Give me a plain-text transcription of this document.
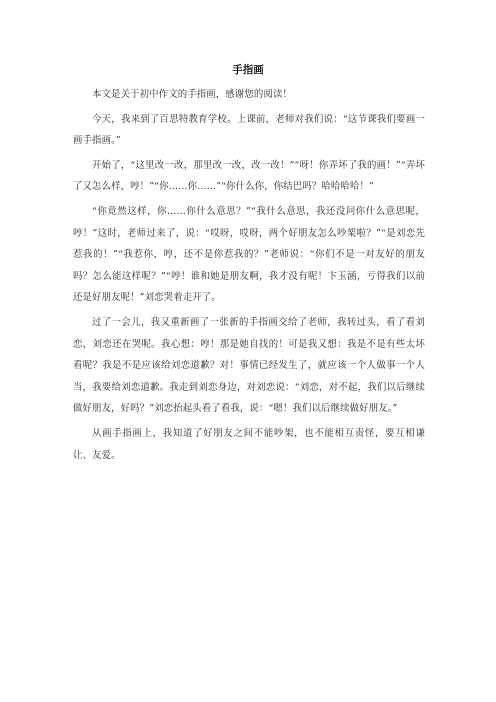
手指画

本文是关于初中作文的手指画，感谢您的阅读！

今天，我来到了百思特教育学校。上课前，老师对我们说：“这节课我们要画一画手指画。”

开始了，“这里改一改，那里改一改，改一改！”“呀！你弄坏了我的画！”“弄坏了又怎么样，哼！”“你……你……”“你什么你，你结巴吗？哈哈哈哈！”

“你竟然这样，你……你什么意思？”“我什么意思，我还没问你什么意思呢，哼！”这时，老师过来了，说：“哎呀，哎呀，两个好朋友怎么吵架啦？”“是刘恋先惹我的！”“我惹你，哼，还不是你惹我的？”老师说：“你们不是一对友好的朋友吗？怎么能这样呢？”“哼！谁和她是朋友啊，我才没有呢！卞玉涵，亏得我们以前还是好朋友呢！”刘恋哭着走开了。

过了一会儿，我又重新画了一张新的手指画交给了老师，我转过头，看了看刘恋，刘恋还在哭呢。我心想：哼！那是她自找的！可是我又想：我是不是有些太坏看呢？我是不是应该给刘恋道歉？对！事情已经发生了，就应该一个人做事一个人当，我要给刘恋道歉。我走到刘恋身边，对刘恋说：“刘恋，对不起，我们以后继续做好朋友，好吗？”刘恋抬起头看了看我，说：“嗯！我们以后继续做好朋友。”

从画手指画上，我知道了好朋友之间不能吵架，也不能相互责怪，要互相谦让、友爱。
